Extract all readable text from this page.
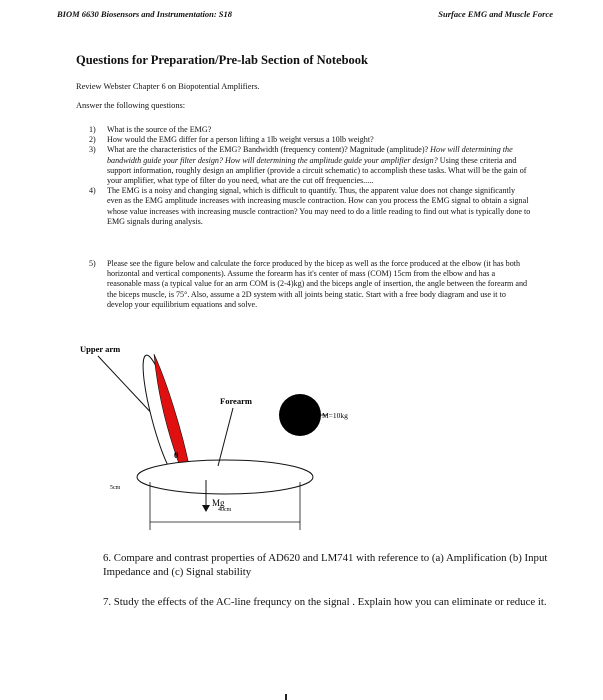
BIOM 6630 Biosensors and Instrumentation: S18	Surface EMG and Muscle Force
Questions for Preparation/Pre-lab Section of Notebook
Review Webster Chapter 6 on Biopotential Amplifiers.
Answer the following questions:
1)	What is the source of the EMG?
2)	How would the EMG differ for a person lifting a 1lb weight versus a 10lb weight?
3)	What are the characteristics of the EMG? Bandwidth (frequency content)? Magnitude (amplitude)? How will determining the bandwidth guide your filter design? How will determining the amplitude guide your amplifier design? Using these criteria and support information, roughly design an amplifier (provide a circuit schematic) to accomplish these tasks. What will be the gain of your amplifier, what type of filter do you need, what are the cut off frequencies.....
4)	The EMG is a noisy and changing signal, which is difficult to quantify. Thus, the apparent value does not change significantly even as the EMG amplitude increases with increasing muscle contraction. How can you process the EMG signal to obtain a signal whose value increases with increasing muscle contraction? You may need to do a little reading to find out what is typically done to EMG signals during analysis.
5)	Please see the figure below and calculate the force produced by the bicep as well as the force produced at the elbow (it has both horizontal and vertical components). Assume the forearm has it's center of mass (COM) 15cm from the elbow and has a reasonable mass (a typical value for an arm COM is (2-4)kg) and the biceps angle of insertion, the angle between the forearm and the biceps muscle, is 75°. Also, assume a 2D system with all joints being static. Start with a free body diagram and use it to develop your equilibrium equations and solve.
Upper arm
Forearm
θ
M=10kg
Mg
5cm
40cm
6. Compare and contrast properties of AD620 and LM741 with reference to (a) Amplification (b) Input Impedance and (c) Signal stability
7. Study the effects of the AC-line frequncy on the signal . Explain how you can eliminate or reduce it.
